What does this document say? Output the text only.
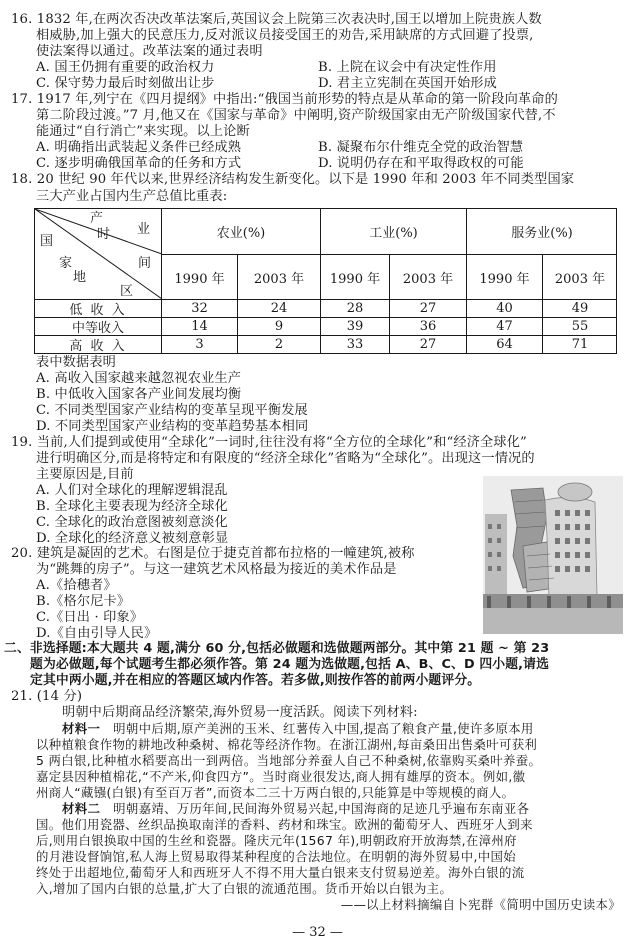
16. 1832 年,在两次否决改革法案后,英国议会上院第三次表决时,国王以增加上院贵族人数
相威胁,加上强大的民意压力,反对派议员接受国王的劝告,采用缺席的方式回避了投票,
使法案得以通过。改革法案的通过表明
A. 国王仍拥有重要的政治权力	B. 上院在议会中有决定性作用
C. 保守势力最后时刻做出让步	D. 君主立宪制在英国开始形成
17. 1917 年,列宁在《四月提纲》中指出:“俄国当前形势的特点是从革命的第一阶段向革命的
第二阶段过渡。”7 月,他又在《国家与革命》中阐明,资产阶级国家由无产阶级国家代替,不
能通过“自行消亡”来实现。以上论断
A. 明确指出武装起义条件已经成熟	B. 凝聚布尔什维克全党的政治智慧
C. 逐步明确俄国革命的任务和方式	D. 说明仍存在和平取得政权的可能
18. 20 世纪 90 年代以来,世界经济结构发生新变化。以下是 1990 年和 2003 年不同类型国家
三大产业占国内生产总值比重表:
产
业
时
国
家	间
地
区
农业(%)	工业(%)	服务业(%)
1990 年	2003 年	1990 年	2003 年	1990 年	2003 年
低 收 入	32	24	28	27	40	49
中等收入	14	9	39	36	47	55
高 收 入	3	2	33	27	64	71
表中数据表明
A. 高收入国家越来越忽视农业生产
B. 中低收入国家各产业间发展均衡
C. 不同类型国家产业结构的变革呈现平衡发展
D. 不同类型国家产业结构的变革趋势基本相同
19. 当前,人们提到或使用“全球化”一词时,往往没有将“全方位的全球化”和“经济全球化”
进行明确区分,而是将特定和有限度的“经济全球化”省略为“全球化”。出现这一情况的
主要原因是,目前
A. 人们对全球化的理解逻辑混乱
B. 全球化主要表现为经济全球化
C. 全球化的政治意图被刻意淡化
D. 全球化的经济意义被刻意彰显
20. 建筑是凝固的艺术。右图是位于捷克首都布拉格的一幢建筑,被称
为“跳舞的房子”。与这一建筑艺术风格最为接近的美术作品是
A.《拾穗者》
B.《格尔尼卡》
C.《日出 · 印象》
D.《自由引导人民》
二、非选择题:本大题共 4 题,满分 60 分,包括必做题和选做题两部分。其中第 21 题 ~ 第 23
题为必做题,每个试题考生都必须作答。第 24 题为选做题,包括 A、B、C、D 四小题,请选
定其中两小题,并在相应的答题区域内作答。若多做,则按作答的前两小题评分。
21. (14 分)
明朝中后期商品经济繁荣,海外贸易一度活跃。阅读下列材料:
材料一 明朝中后期,原产美洲的玉米、红薯传入中国,提高了粮食产量,使许多原本用
以种植粮食作物的耕地改种桑树、棉花等经济作物。在浙江湖州,每亩桑田出售桑叶可获利
5 两白银,比种植水稻要高出一到两倍。当地部分养蚕人自己不种桑树,依靠购买桑叶养蚕。
嘉定县因种植棉花,“不产米,仰食四方”。当时商业很发达,商人拥有雄厚的资本。例如,徽
州商人“藏镪(白银)有至百万者”,而资本二三十万两白银的,只能算是中等规模的商人。
材料二 明朝嘉靖、万历年间,民间海外贸易兴起,中国海商的足迹几乎遍布东南亚各
国。他们用瓷器、丝织品换取南洋的香料、药材和珠宝。欧洲的葡萄牙人、西班牙人到来
后,则用白银换取中国的生丝和瓷器。隆庆元年(1567 年),明朝政府开放海禁,在漳州府
的月港设督饷馆,私人海上贸易取得某种程度的合法地位。在明朝的海外贸易中,中国始
终处于出超地位,葡萄牙人和西班牙人不得不用大量白银来支付贸易逆差。海外白银的流
入,增加了国内白银的总量,扩大了白银的流通范围。货币开始以白银为主。
——以上材料摘编自卜宪群《简明中国历史读本》
— 32 —
